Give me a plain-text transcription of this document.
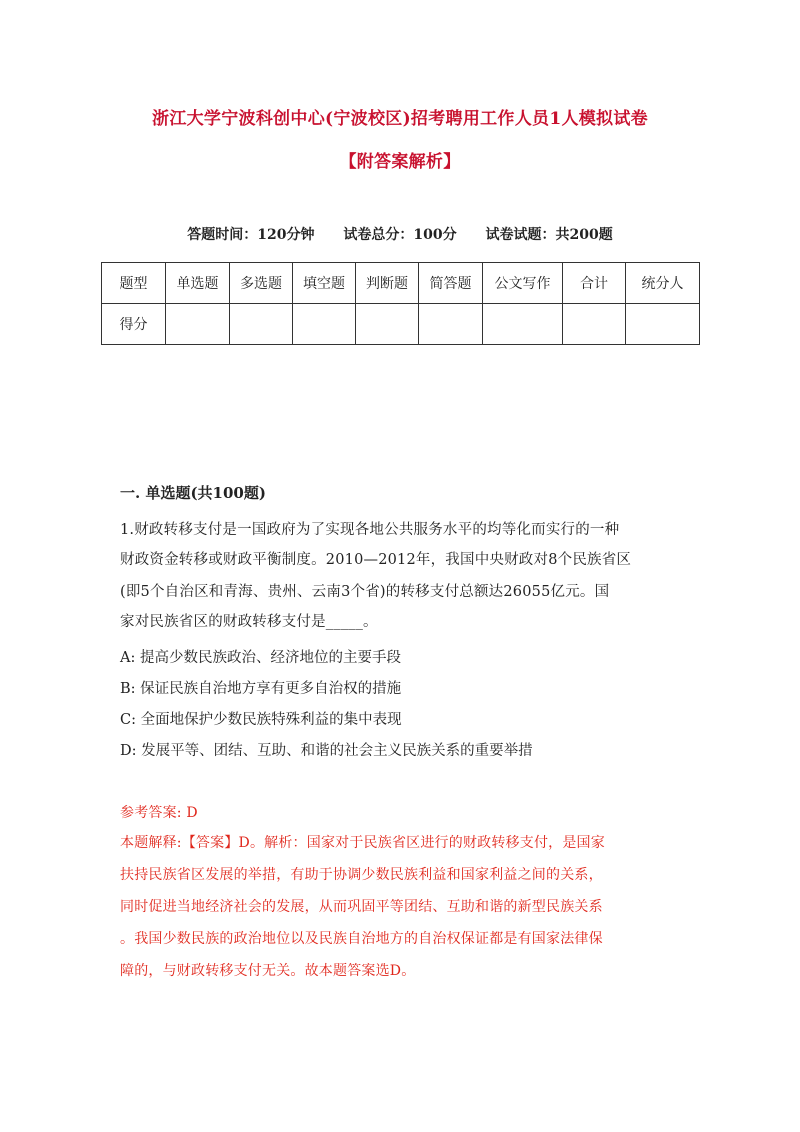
浙江大学宁波科创中心(宁波校区)招考聘用工作人员1人模拟试卷
【附答案解析】
答题时间：120分钟 试卷总分：100分 试卷试题：共200题
题型	单选题	多选题	填空题	判断题	简答题	公文写作	合计	统分人
得分								
一. 单选题(共100题)
1.财政转移支付是一国政府为了实现各地公共服务水平的均等化而实行的一种
财政资金转移或财政平衡制度。2010—2012年，我国中央财政对8个民族省区
(即5个自治区和青海、贵州、云南3个省)的转移支付总额达26055亿元。国
家对民族省区的财政转移支付是_____。
A: 提高少数民族政治、经济地位的主要手段
B: 保证民族自治地方享有更多自治权的措施
C: 全面地保护少数民族特殊利益的集中表现
D: 发展平等、团结、互助、和谐的社会主义民族关系的重要举措
参考答案: D
本题解释:【答案】D。解析：国家对于民族省区进行的财政转移支付，是国家
扶持民族省区发展的举措，有助于协调少数民族利益和国家利益之间的关系，
同时促进当地经济社会的发展，从而巩固平等团结、互助和谐的新型民族关系
。我国少数民族的政治地位以及民族自治地方的自治权保证都是有国家法律保
障的，与财政转移支付无关。故本题答案选D。
